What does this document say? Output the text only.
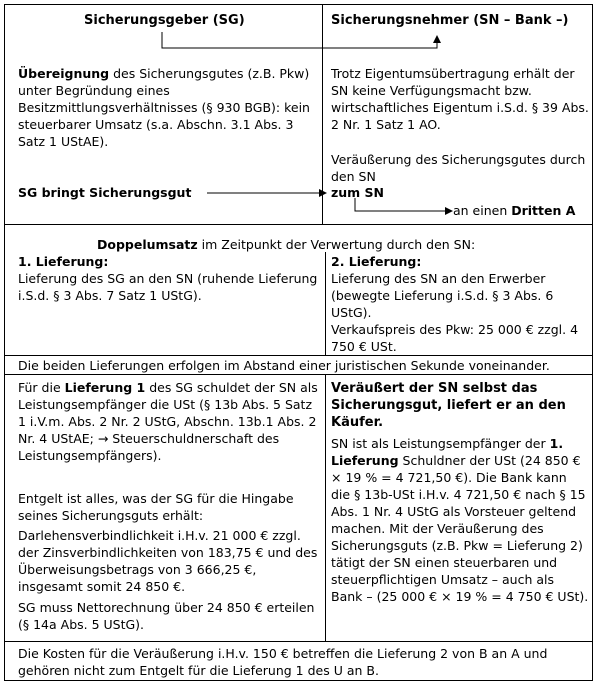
Sicherungsgeber (SG)	Sicherungsnehmer (SN – Bank –)
Übereignung des Sicherungsgutes (z.B. Pkw) unter Begründung eines Besitzmittlungsverhältnisses (§ 930 BGB): kein steuerbarer Umsatz (s.a. Abschn. 3.1 Abs. 3 Satz 1 UStAE).
Trotz Eigentumsübertragung erhält der SN keine Verfügungsmacht bzw. wirtschaftliches Eigentum i.S.d. § 39 Abs. 2 Nr. 1 Satz 1 AO.
Veräußerung des Sicherungsgutes durch den SN
SG bringt Sicherungsgut	zum SN
an einen Dritten A
Doppelumsatz im Zeitpunkt der Verwertung durch den SN:
1. Lieferung:
Lieferung des SG an den SN (ruhende Lieferung i.S.d. § 3 Abs. 7 Satz 1 UStG).
2. Lieferung:
Lieferung des SN an den Erwerber (bewegte Lieferung i.S.d. § 3 Abs. 6 UStG).
Verkaufspreis des Pkw: 25 000 € zzgl. 4 750 € USt.
Die beiden Lieferungen erfolgen im Abstand einer juristischen Sekunde voneinander.
Für die Lieferung 1 des SG schuldet der SN als Leistungsempfänger die USt (§ 13b Abs. 5 Satz 1 i.V.m. Abs. 2 Nr. 2 UStG, Abschn. 13b.1 Abs. 2 Nr. 4 UStAE; → Steuerschuldnerschaft des Leistungsempfängers).
Entgelt ist alles, was der SG für die Hingabe seines Sicherungsguts erhält:
Darlehensverbindlichkeit i.H.v. 21 000 € zzgl. der Zinsverbindlichkeiten von 183,75 € und des Überweisungsbetrags von 3 666,25 €, insgesamt somit 24 850 €.
SG muss Nettorechnung über 24 850 € erteilen (§ 14a Abs. 5 UStG).
Veräußert der SN selbst das Sicherungsgut, liefert er an den Käufer.
SN ist als Leistungsempfänger der 1. Lieferung Schuldner der USt (24 850 € × 19 % = 4 721,50 €). Die Bank kann die § 13b-USt i.H.v. 4 721,50 € nach § 15 Abs. 1 Nr. 4 UStG als Vorsteuer geltend machen. Mit der Veräußerung des Sicherungsguts (z.B. Pkw = Lieferung 2) tätigt der SN einen steuerbaren und steuerpflichtigen Umsatz – auch als Bank – (25 000 € × 19 % = 4 750 € USt).
Die Kosten für die Veräußerung i.H.v. 150 € betreffen die Lieferung 2 von B an A und gehören nicht zum Entgelt für die Lieferung 1 des U an B.
